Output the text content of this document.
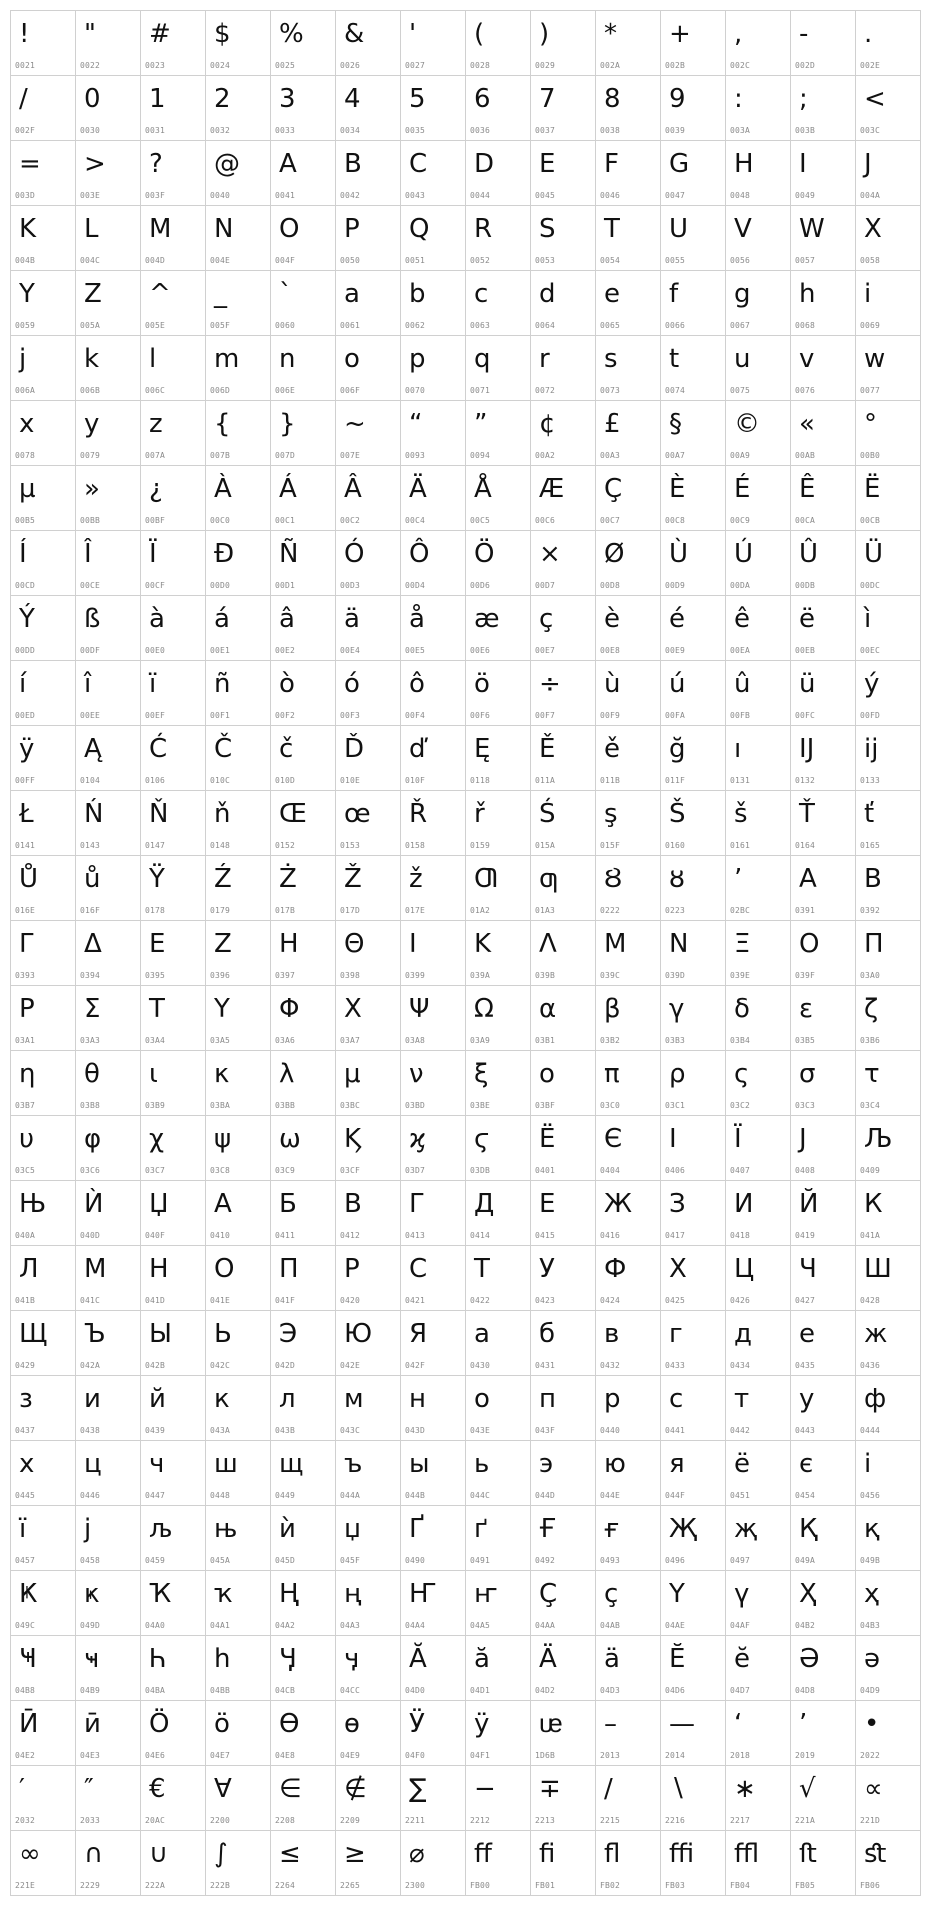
!
0021
"
0022
#
0023
$
0024
%
0025
&
0026
'
0027
(
0028
)
0029
*
002A
+
002B
,
002C
-
002D
.
002E
/
002F
0
0030
1
0031
2
0032
3
0033
4
0034
5
0035
6
0036
7
0037
8
0038
9
0039
:
003A
;
003B
<
003C
=
003D
>
003E
?
003F
@
0040
A
0041
B
0042
C
0043
D
0044
E
0045
F
0046
G
0047
H
0048
I
0049
J
004A
K
004B
L
004C
M
004D
N
004E
O
004F
P
0050
Q
0051
R
0052
S
0053
T
0054
U
0055
V
0056
W
0057
X
0058
Y
0059
Z
005A
^
005E
_
005F
`
0060
a
0061
b
0062
c
0063
d
0064
e
0065
f
0066
g
0067
h
0068
i
0069
j
006A
k
006B
l
006C
m
006D
n
006E
o
006F
p
0070
q
0071
r
0072
s
0073
t
0074
u
0075
v
0076
w
0077
x
0078
y
0079
z
007A
{
007B
}
007D
~
007E
“
0093
”
0094
¢
00A2
£
00A3
§
00A7
©
00A9
«
00AB
°
00B0
µ
00B5
»
00BB
¿
00BF
À
00C0
Á
00C1
Â
00C2
Ä
00C4
Å
00C5
Æ
00C6
Ç
00C7
È
00C8
É
00C9
Ê
00CA
Ë
00CB
Í
00CD
Î
00CE
Ï
00CF
Đ
00D0
Ñ
00D1
Ó
00D3
Ô
00D4
Ö
00D6
×
00D7
Ø
00D8
Ù
00D9
Ú
00DA
Û
00DB
Ü
00DC
Ý
00DD
ß
00DF
à
00E0
á
00E1
â
00E2
ä
00E4
å
00E5
æ
00E6
ç
00E7
è
00E8
é
00E9
ê
00EA
ë
00EB
ì
00EC
í
00ED
î
00EE
ï
00EF
ñ
00F1
ò
00F2
ó
00F3
ô
00F4
ö
00F6
÷
00F7
ù
00F9
ú
00FA
û
00FB
ü
00FC
ý
00FD
ÿ
00FF
Ą
0104
Ć
0106
Č
010C
č
010D
Ď
010E
ď
010F
Ę
0118
Ě
011A
ě
011B
ğ
011F
ı
0131
Ĳ
0132
ĳ
0133
Ł
0141
Ń
0143
Ň
0147
ň
0148
Œ
0152
œ
0153
Ř
0158
ř
0159
Ś
015A
ş
015F
Š
0160
š
0161
Ť
0164
ť
0165
Ů
016E
ů
016F
Ÿ
0178
Ź
0179
Ż
017B
Ž
017D
ž
017E
Ƣ
01A2
ƣ
01A3
Ȣ
0222
ȣ
0223
ʼ
02BC
Α
0391
Β
0392
Γ
0393
Δ
0394
Ε
0395
Ζ
0396
Η
0397
Θ
0398
Ι
0399
Κ
039A
Λ
039B
Μ
039C
Ν
039D
Ξ
039E
Ο
039F
Π
03A0
Ρ
03A1
Σ
03A3
Τ
03A4
Υ
03A5
Φ
03A6
Χ
03A7
Ψ
03A8
Ω
03A9
α
03B1
β
03B2
γ
03B3
δ
03B4
ε
03B5
ζ
03B6
η
03B7
θ
03B8
ι
03B9
κ
03BA
λ
03BB
μ
03BC
ν
03BD
ξ
03BE
ο
03BF
π
03C0
ρ
03C1
ς
03C2
σ
03C3
τ
03C4
υ
03C5
φ
03C6
χ
03C7
ψ
03C8
ω
03C9
Ϗ
03CF
ϗ
03D7
ϛ
03DB
Ё
0401
Є
0404
І
0406
Ї
0407
Ј
0408
Љ
0409
Њ
040A
Ѝ
040D
Џ
040F
А
0410
Б
0411
В
0412
Г
0413
Д
0414
Е
0415
Ж
0416
З
0417
И
0418
Й
0419
К
041A
Л
041B
М
041C
Н
041D
О
041E
П
041F
Р
0420
С
0421
Т
0422
У
0423
Ф
0424
Х
0425
Ц
0426
Ч
0427
Ш
0428
Щ
0429
Ъ
042A
Ы
042B
Ь
042C
Э
042D
Ю
042E
Я
042F
а
0430
б
0431
в
0432
г
0433
д
0434
е
0435
ж
0436
з
0437
и
0438
й
0439
к
043A
л
043B
м
043C
н
043D
о
043E
п
043F
р
0440
с
0441
т
0442
у
0443
ф
0444
х
0445
ц
0446
ч
0447
ш
0448
щ
0449
ъ
044A
ы
044B
ь
044C
э
044D
ю
044E
я
044F
ё
0451
є
0454
і
0456
ї
0457
ј
0458
љ
0459
њ
045A
ѝ
045D
џ
045F
Ґ
0490
ґ
0491
Ғ
0492
ғ
0493
Җ
0496
җ
0497
Қ
049A
қ
049B
Ҝ
049C
ҝ
049D
Ҡ
04A0
ҡ
04A1
Ң
04A2
ң
04A3
Ҥ
04A4
ҥ
04A5
Ҫ
04AA
ҫ
04AB
Ү
04AE
ү
04AF
Ҳ
04B2
ҳ
04B3
Ҹ
04B8
ҹ
04B9
Һ
04BA
һ
04BB
Ӌ
04CB
ӌ
04CC
Ӑ
04D0
ӑ
04D1
Ӓ
04D2
ӓ
04D3
Ӗ
04D6
ӗ
04D7
Ә
04D8
ә
04D9
Ӣ
04E2
ӣ
04E3
Ӧ
04E6
ӧ
04E7
Ө
04E8
ө
04E9
Ӱ
04F0
ӱ
04F1
ᵫ
1D6B
–
2013
—
2014
‘
2018
’
2019
•
2022
′
2032
″
2033
€
20AC
∀
2200
∈
2208
∉
2209
∑
2211
−
2212
∓
2213
∕
2215
∖
2216
∗
2217
√
221A
∝
221D
∞
221E
∩
2229
∪
222A
∫
222B
≤
2264
≥
2265
⌀
2300
ﬀ
FB00
ﬁ
FB01
ﬂ
FB02
ﬃ
FB03
ﬄ
FB04
ﬅ
FB05
ﬆ
FB06
